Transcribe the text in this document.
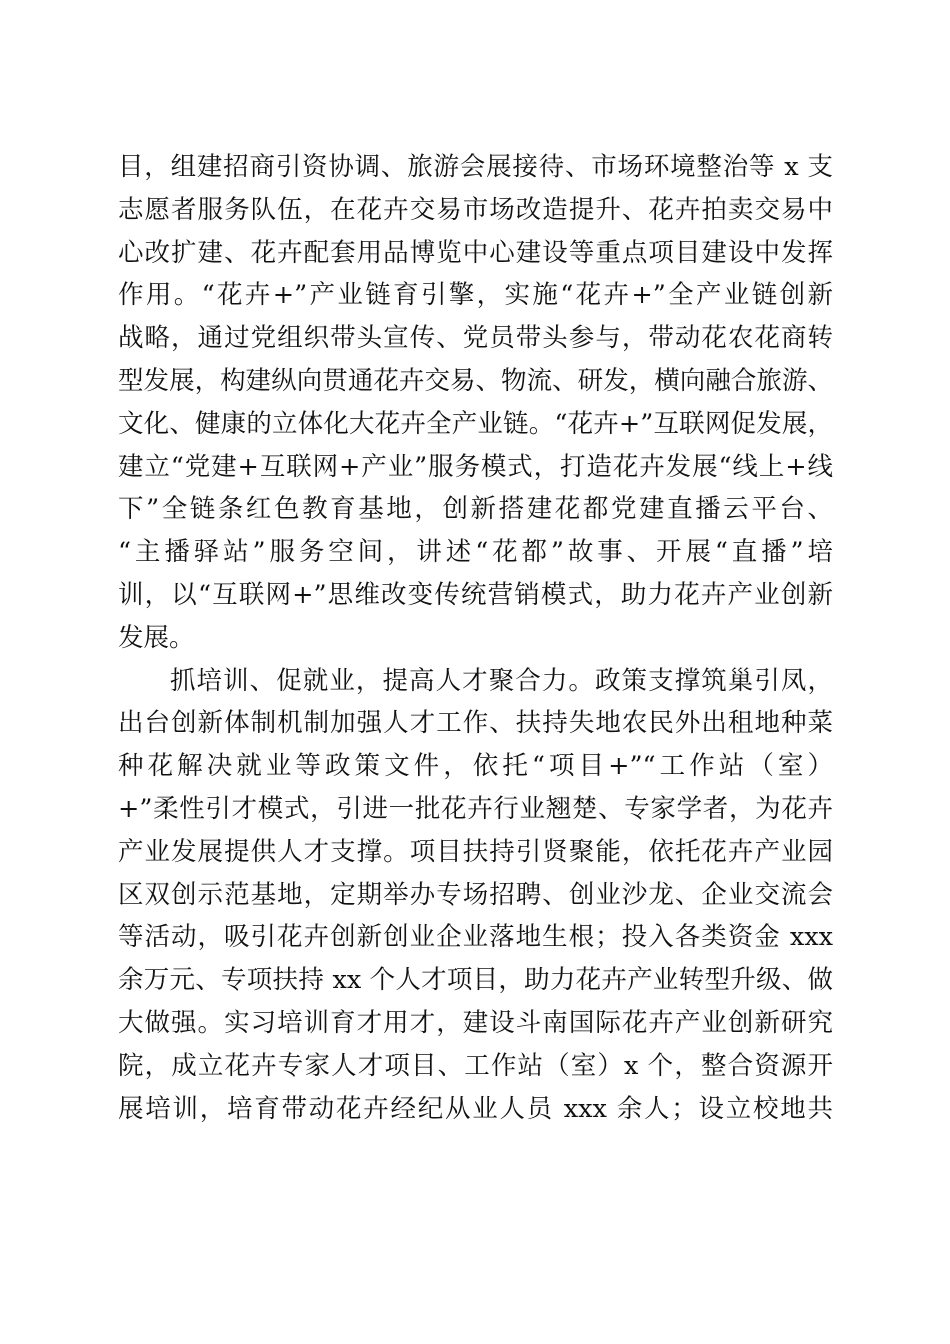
目，组建招商引资协调、旅游会展接待、市场环境整治等 x 支
志愿者服务队伍，在花卉交易市场改造提升、花卉拍卖交易中
心改扩建、花卉配套用品博览中心建设等重点项目建设中发挥
作用。“花卉+”产业链育引擎，实施“花卉+”全产业链创新
战略，通过党组织带头宣传、党员带头参与，带动花农花商转
型发展，构建纵向贯通花卉交易、物流、研发，横向融合旅游、
文化、健康的立体化大花卉全产业链。“花卉+”互联网促发展，
建立“党建+互联网+产业”服务模式，打造花卉发展“线上+线
下”全链条红色教育基地，创新搭建花都党建直播云平台、
“主播驿站”服务空间，讲述“花都”故事、开展“直播”培
训，以“互联网+”思维改变传统营销模式，助力花卉产业创新
发展。
抓培训、促就业，提高人才聚合力。政策支撑筑巢引凤，
出台创新体制机制加强人才工作、扶持失地农民外出租地种菜
种花解决就业等政策文件，依托“项目+”“工作站（室）
+”柔性引才模式，引进一批花卉行业翘楚、专家学者，为花卉
产业发展提供人才支撑。项目扶持引贤聚能，依托花卉产业园
区双创示范基地，定期举办专场招聘、创业沙龙、企业交流会
等活动，吸引花卉创新创业企业落地生根；投入各类资金 xxx
余万元、专项扶持 xx 个人才项目，助力花卉产业转型升级、做
大做强。实习培训育才用才，建设斗南国际花卉产业创新研究
院，成立花卉专家人才项目、工作站（室）x 个，整合资源开
展培训，培育带动花卉经纪从业人员 xxx 余人；设立校地共
